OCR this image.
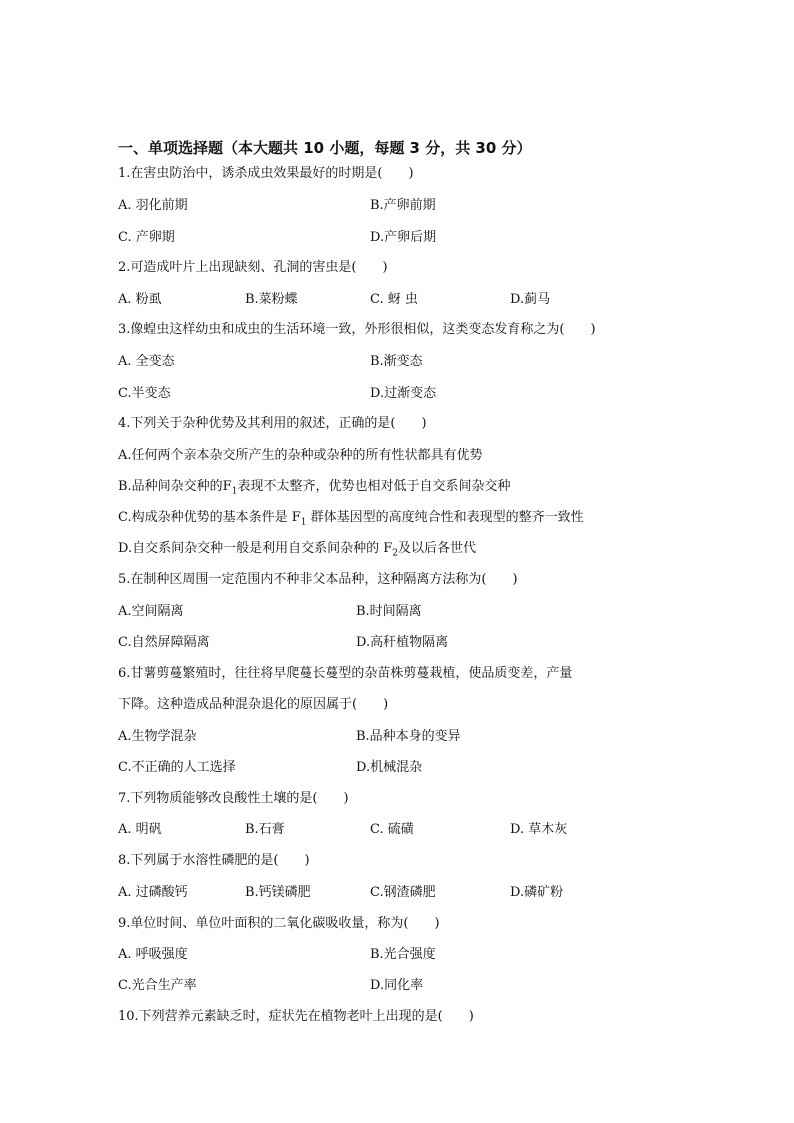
一、单项选择题（本大题共 10 小题，每题 3 分，共 30 分）
1.在害虫防治中，诱杀成虫效果最好的时期是(　　)
A. 羽化前期	B.产卵前期
C. 产卵期	D.产卵后期
2.可造成叶片上出现缺刻、孔洞的害虫是(　　)
A. 粉虱	B.菜粉蝶	C. 蚜 虫	D.蓟马
3.像蝗虫这样幼虫和成虫的生活环境一致，外形很相似，这类变态发育称之为(　　)
A. 全变态	B.渐变态
C.半变态	D.过渐变态
4.下列关于杂种优势及其利用的叙述，正确的是(　　)
A.任何两个亲本杂交所产生的杂种或杂种的所有性状都具有优势
B.品种间杂交种的$F_1$表现不太整齐，优势也相对低于自交系间杂交种
C.构成杂种优势的基本条件是 $F_1$ 群体基因型的高度纯合性和表现型的整齐一致性
D.自交系间杂交种一般是利用自交系间杂种的 $F_2$及以后各世代
5.在制种区周围一定范围内不种非父本品种，这种隔离方法称为(　　)
A.空间隔离	B.时间隔离
C.自然屏障隔离	D.高秆植物隔离
6.甘薯剪蔓繁殖时，往往将早爬蔓长蔓型的杂苗株剪蔓栽植，使品质变差，产量
下降。这种造成品种混杂退化的原因属于(　　)
A.生物学混杂	B.品种本身的变异
C.不正确的人工选择	D.机械混杂
7.下列物质能够改良酸性土壤的是(　　)
A. 明矾	B.石膏	C. 硫磺	D. 草木灰
8.下列属于水溶性磷肥的是(　　)
A. 过磷酸钙	B.钙镁磷肥	C.钢渣磷肥	D.磷矿粉
9.单位时间、单位叶面积的二氧化碳吸收量，称为(　　)
A. 呼吸强度	B.光合强度
C.光合生产率	D.同化率
10.下列营养元素缺乏时，症状先在植物老叶上出现的是(　　)
